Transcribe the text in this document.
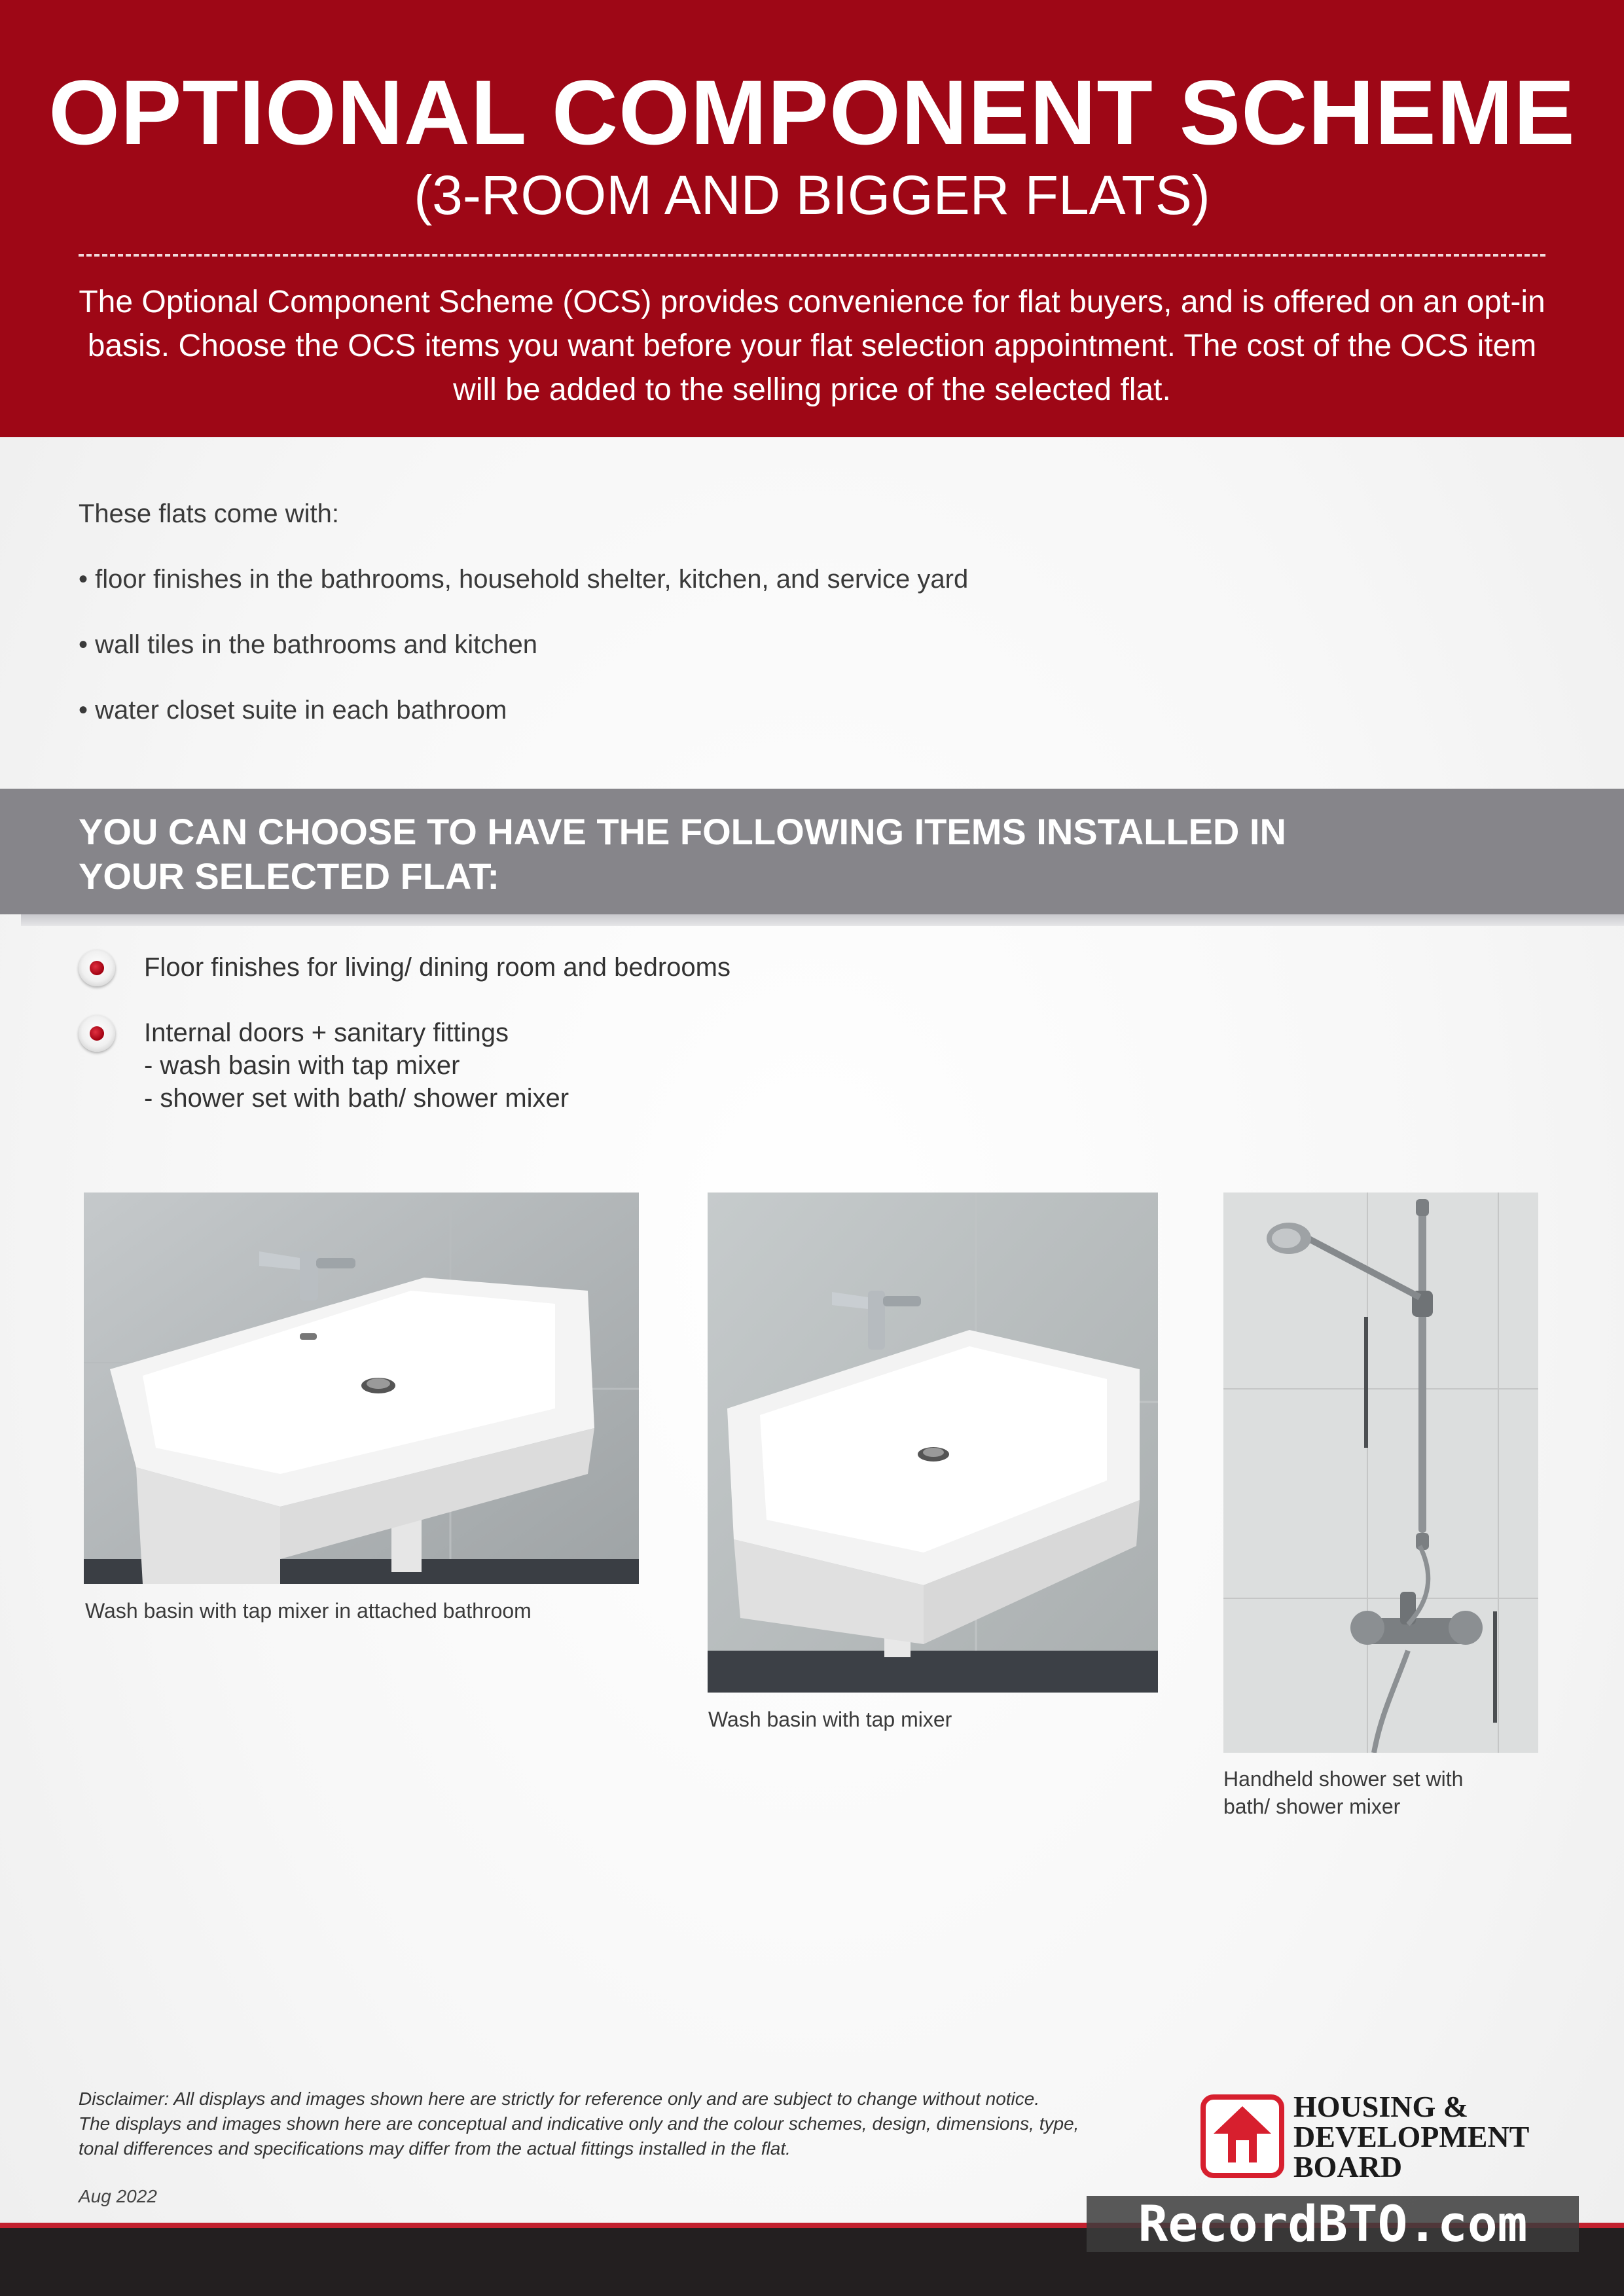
OPTIONAL COMPONENT SCHEME
(3-ROOM AND BIGGER FLATS)
The Optional Component Scheme (OCS) provides convenience for flat buyers, and is offered on an opt-in basis. Choose the OCS items you want before your flat selection appointment. The cost of the OCS item will be added to the selling price of the selected flat.
These flats come with:
• floor finishes in the bathrooms, household shelter, kitchen, and service yard
• wall tiles in the bathrooms and kitchen
• water closet suite in each bathroom
YOU CAN CHOOSE TO HAVE THE FOLLOWING ITEMS INSTALLED IN YOUR SELECTED FLAT:
Floor finishes for living/ dining room and bedrooms
Internal doors + sanitary fittings
- wash basin with tap mixer
- shower set with bath/ shower mixer
Wash basin with tap mixer in attached bathroom
Wash basin with tap mixer
Handheld shower set with
bath/ shower mixer
Disclaimer: All displays and images shown here are strictly for reference only and are subject to change without notice.
The displays and images shown here are conceptual and indicative only and the colour schemes, design, dimensions, type,
tonal differences and specifications may differ from the actual fittings installed in the flat.
Aug 2022
HOUSING &
DEVELOPMENT
BOARD
RecordBTO.com
